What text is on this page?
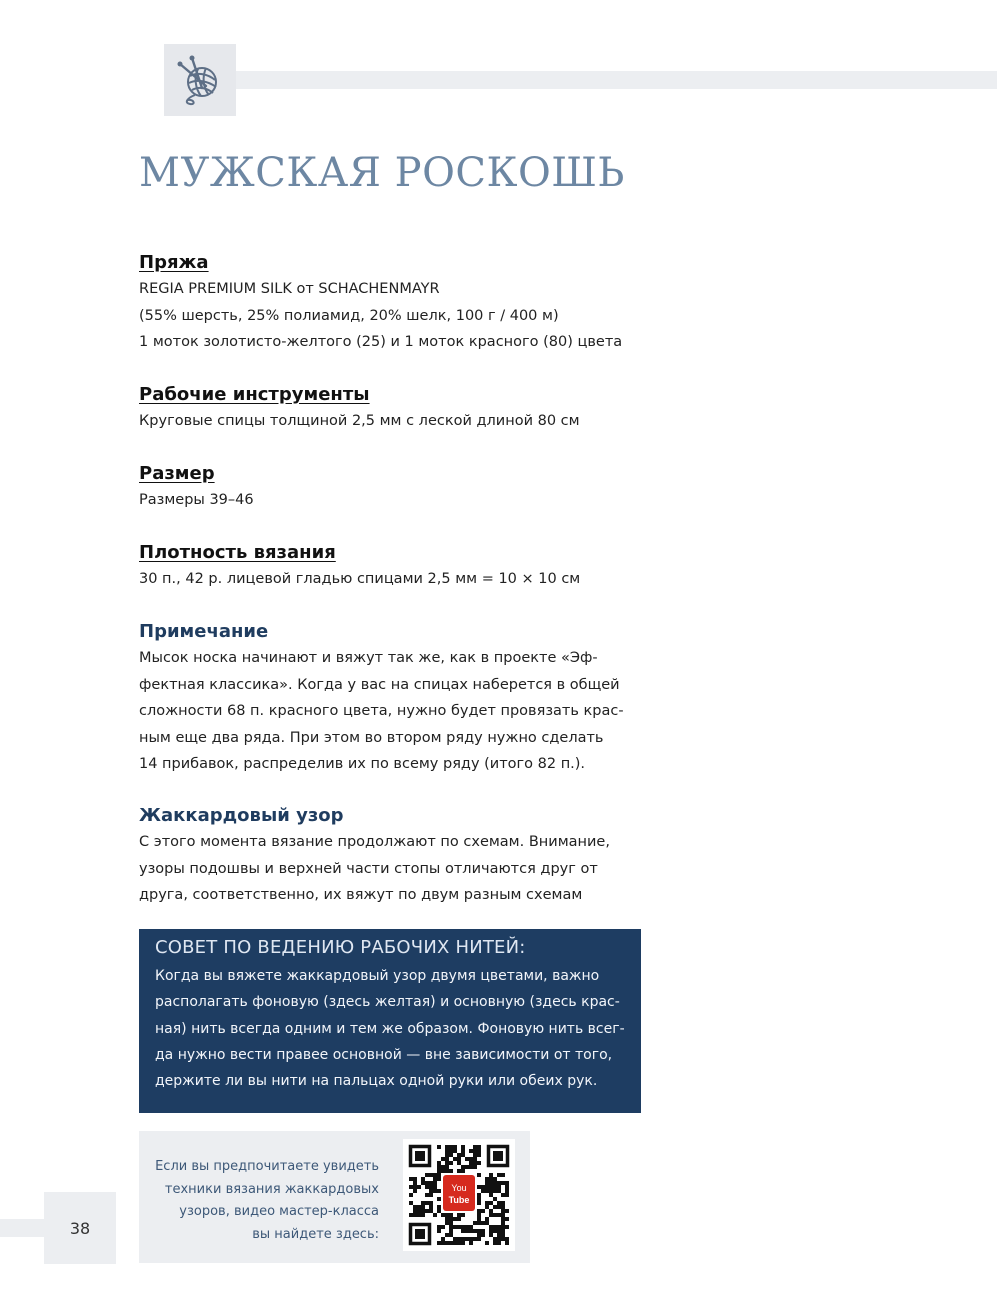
МУЖСКАЯ РОСКОШЬ
Пряжа
REGIA PREMIUM SILK от SCHACHENMAYR
(55% шерсть, 25% полиамид, 20% шелк, 100 г / 400 м)
1 моток золотисто-желтого (25) и 1 моток красного (80) цвета
Рабочие инструменты
Круговые спицы толщиной 2,5 мм с леской длиной 80 см
Размер
Размеры 39–46
Плотность вязания
30 п., 42 р. лицевой гладью спицами 2,5 мм = 10 × 10 см
Примечание
Мысок носка начинают и вяжут так же, как в проекте «Эф-
фектная классика». Когда у вас на спицах наберется в общей
сложности 68 п. красного цвета, нужно будет провязать крас-
ным еще два ряда. При этом во втором ряду нужно сделать
14 прибавок, распределив их по всему ряду (итого 82 п.).
Жаккардовый узор
С этого момента вязание продолжают по схемам. Внимание,
узоры подошвы и верхней части стопы отличаются друг от
друга, соответственно, их вяжут по двум разным схемам
СОВЕТ ПО ВЕДЕНИЮ РАБОЧИХ НИТЕЙ:
Когда вы вяжете жаккардовый узор двумя цветами, важно
располагать фоновую (здесь желтая) и основную (здесь крас-
ная) нить всегда одним и тем же образом. Фоновую нить всег-
да нужно вести правее основной — вне зависимости от того,
держите ли вы нити на пальцах одной руки или обеих рук.
Если вы предпочитаете увидеть
техники вязания жаккардовых
узоров, видео мастер-класса
вы найдете здесь:
You
Tube
38
